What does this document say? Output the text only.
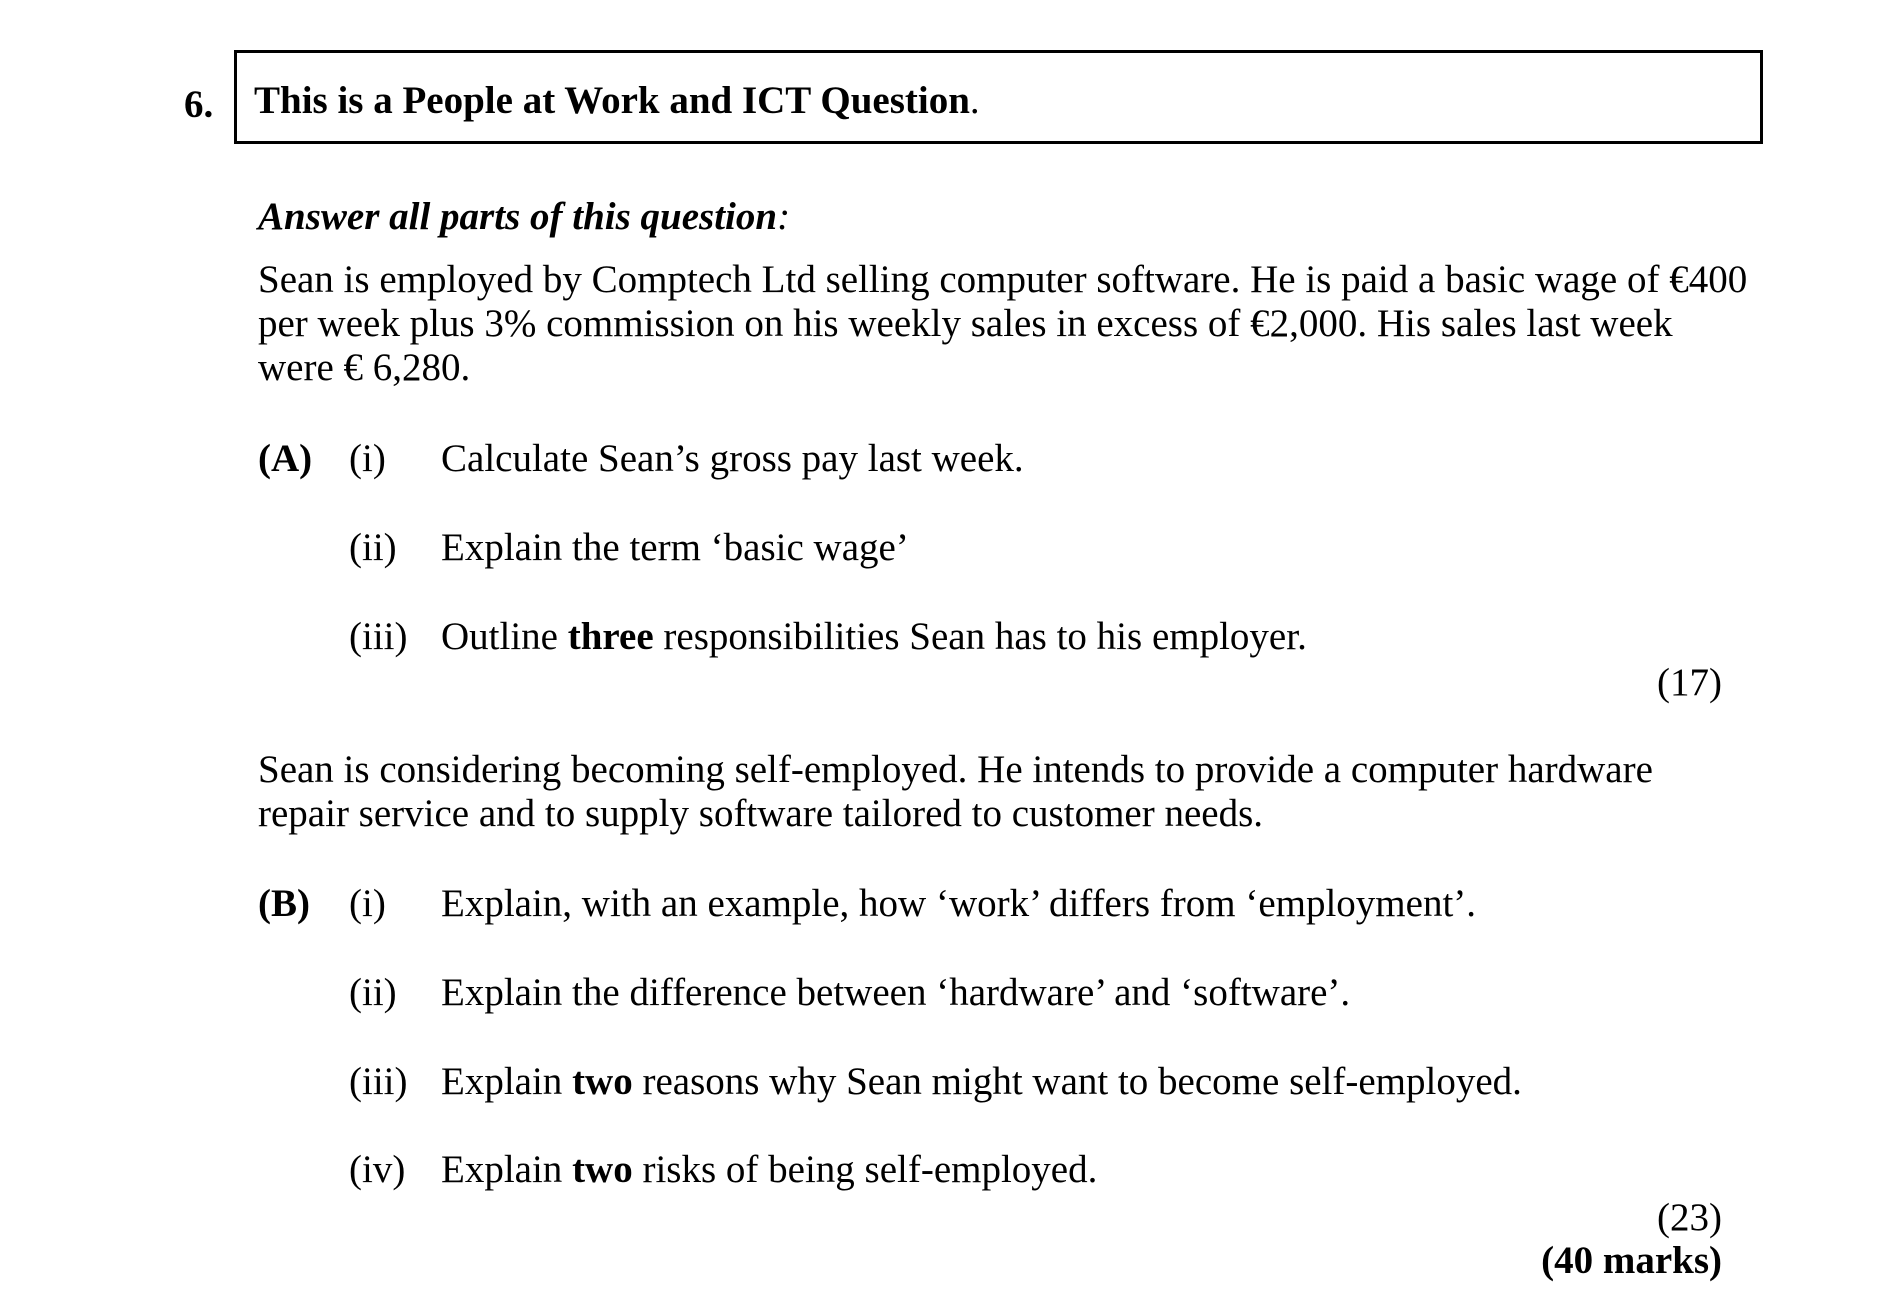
6. This is a People at Work and ICT Question.
Answer all parts of this question:
Sean is employed by Comptech Ltd selling computer software. He is paid a basic wage of €400
per week plus 3% commission on his weekly sales in excess of €2,000. His sales last week
were € 6,280.
(A) (i) Calculate Sean’s gross pay last week.
(ii) Explain the term ‘basic wage’
(iii) Outline three responsibilities Sean has to his employer.
(17)
Sean is considering becoming self-employed. He intends to provide a computer hardware
repair service and to supply software tailored to customer needs.
(B) (i) Explain, with an example, how ‘work’ differs from ‘employment’.
(ii) Explain the difference between ‘hardware’ and ‘software’.
(iii) Explain two reasons why Sean might want to become self-employed.
(iv) Explain two risks of being self-employed.
(23)
(40 marks)
